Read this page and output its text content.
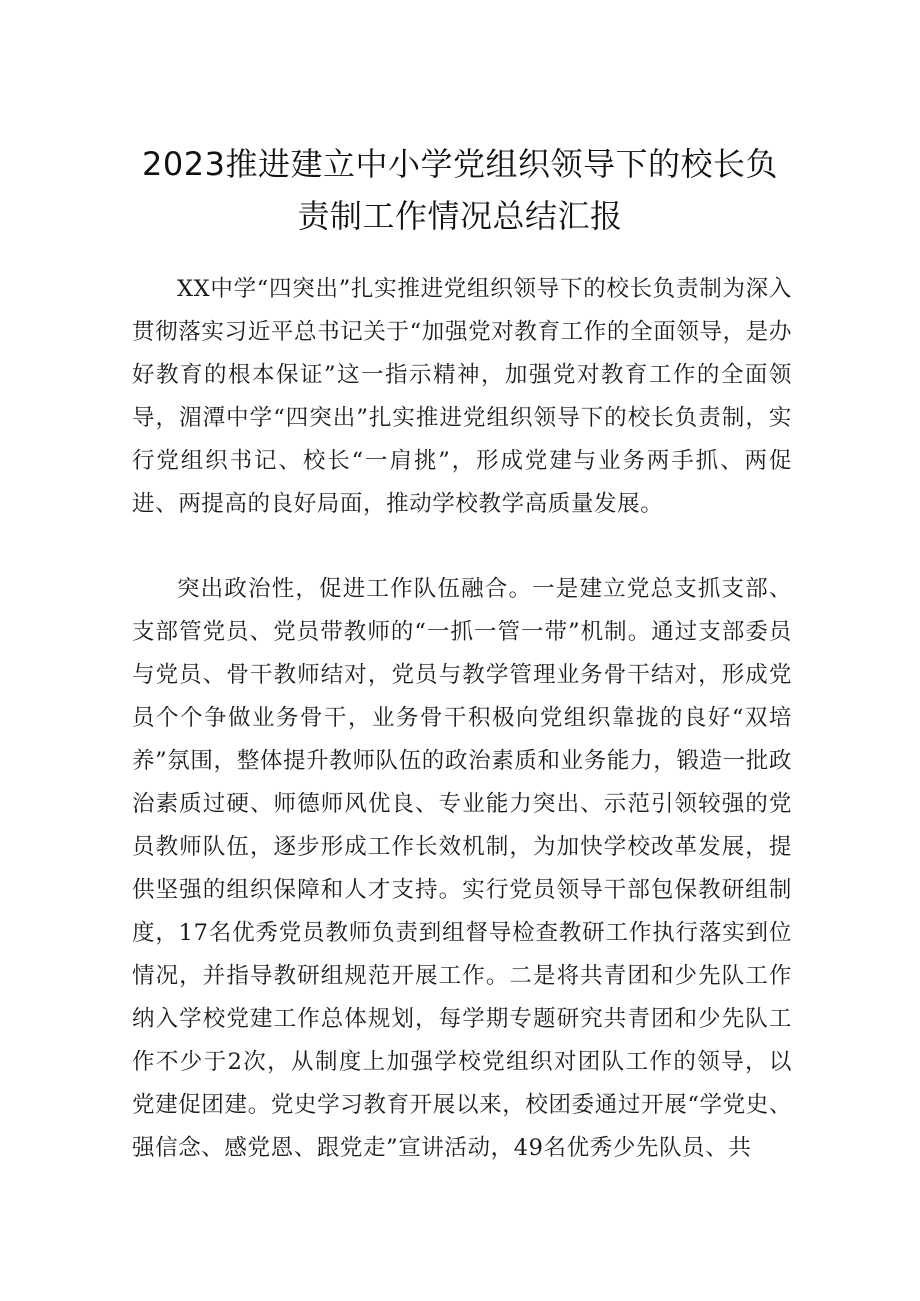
2023推进建立中小学党组织领导下的校长负
责制工作情况总结汇报

XX中学“四突出”扎实推进党组织领导下的校长负责制为深入贯彻落实习近平总书记关于“加强党对教育工作的全面领导，是办好教育的根本保证”这一指示精神，加强党对教育工作的全面领导，湄潭中学“四突出”扎实推进党组织领导下的校长负责制，实行党组织书记、校长“一肩挑”，形成党建与业务两手抓、两促进、两提高的良好局面，推动学校教学高质量发展。

突出政治性，促进工作队伍融合。一是建立党总支抓支部、支部管党员、党员带教师的“一抓一管一带”机制。通过支部委员与党员、骨干教师结对，党员与教学管理业务骨干结对，形成党员个个争做业务骨干，业务骨干积极向党组织靠拢的良好“双培养”氛围，整体提升教师队伍的政治素质和业务能力，锻造一批政治素质过硬、师德师风优良、专业能力突出、示范引领较强的党员教师队伍，逐步形成工作长效机制，为加快学校改革发展，提供坚强的组织保障和人才支持。实行党员领导干部包保教研组制度，17名优秀党员教师负责到组督导检查教研工作执行落实到位情况，并指导教研组规范开展工作。二是将共青团和少先队工作纳入学校党建工作总体规划，每学期专题研究共青团和少先队工作不少于2次，从制度上加强学校党组织对团队工作的领导，以党建促团建。党史学习教育开展以来，校团委通过开展“学党史、强信念、感党恩、跟党走”宣讲活动，49名优秀少先队员、共
